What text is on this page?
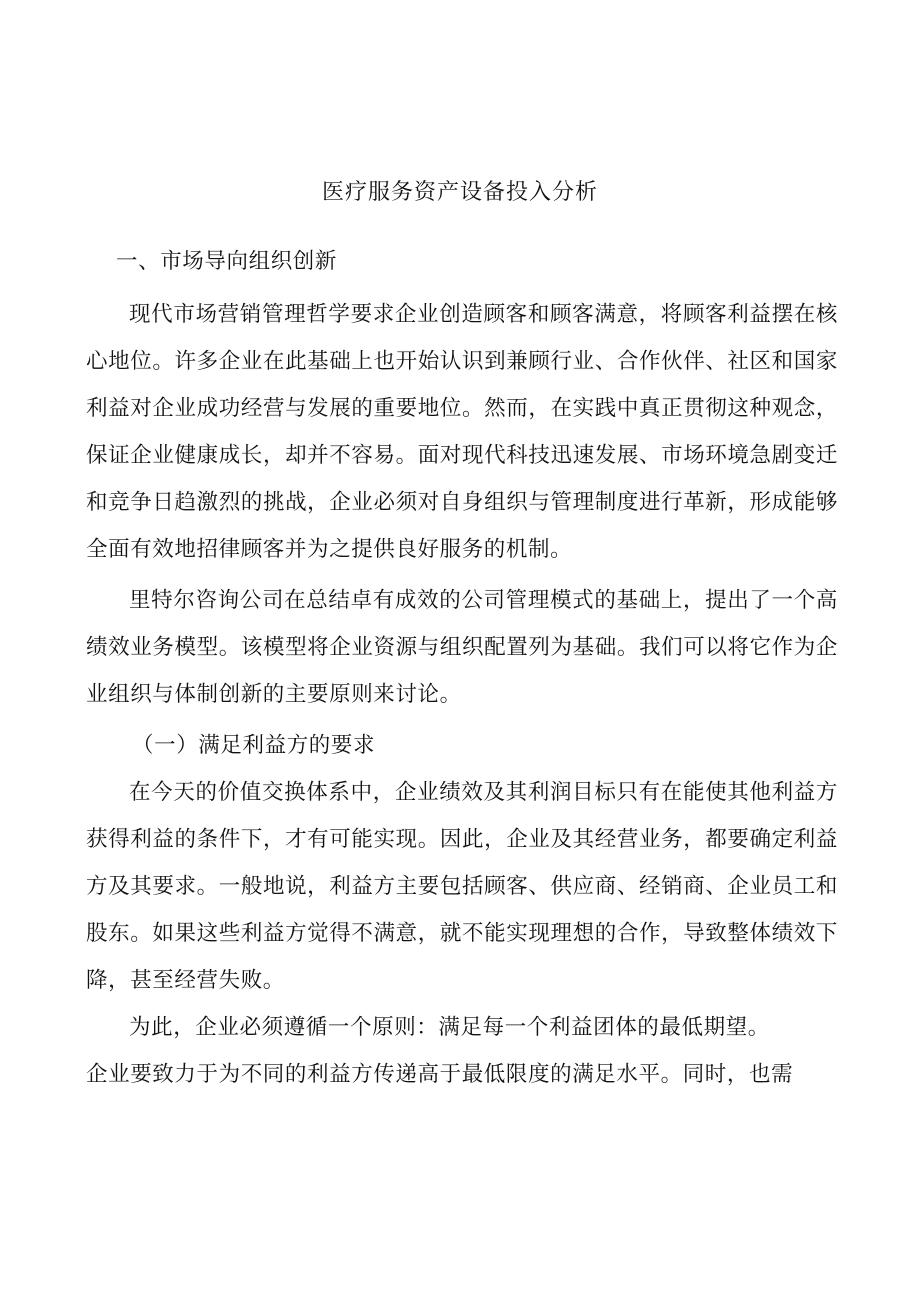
医疗服务资产设备投入分析

一、市场导向组织创新

现代市场营销管理哲学要求企业创造顾客和顾客满意，将顾客利益摆在核心地位。许多企业在此基础上也开始认识到兼顾行业、合作伙伴、社区和国家利益对企业成功经营与发展的重要地位。然而，在实践中真正贯彻这种观念，保证企业健康成长，却并不容易。面对现代科技迅速发展、市场环境急剧变迁和竞争日趋激烈的挑战，企业必须对自身组织与管理制度进行革新，形成能够全面有效地招律顾客并为之提供良好服务的机制。

里特尔咨询公司在总结卓有成效的公司管理模式的基础上，提出了一个高绩效业务模型。该模型将企业资源与组织配置列为基础。我们可以将它作为企业组织与体制创新的主要原则来讨论。

（一）满足利益方的要求

在今天的价值交换体系中，企业绩效及其利润目标只有在能使其他利益方获得利益的条件下，才有可能实现。因此，企业及其经营业务，都要确定利益方及其要求。一般地说，利益方主要包括顾客、供应商、经销商、企业员工和股东。如果这些利益方觉得不满意，就不能实现理想的合作，导致整体绩效下降，甚至经营失败。

为此，企业必须遵循一个原则：满足每一个利益团体的最低期望。

企业要致力于为不同的利益方传递高于最低限度的满足水平。同时，也需
